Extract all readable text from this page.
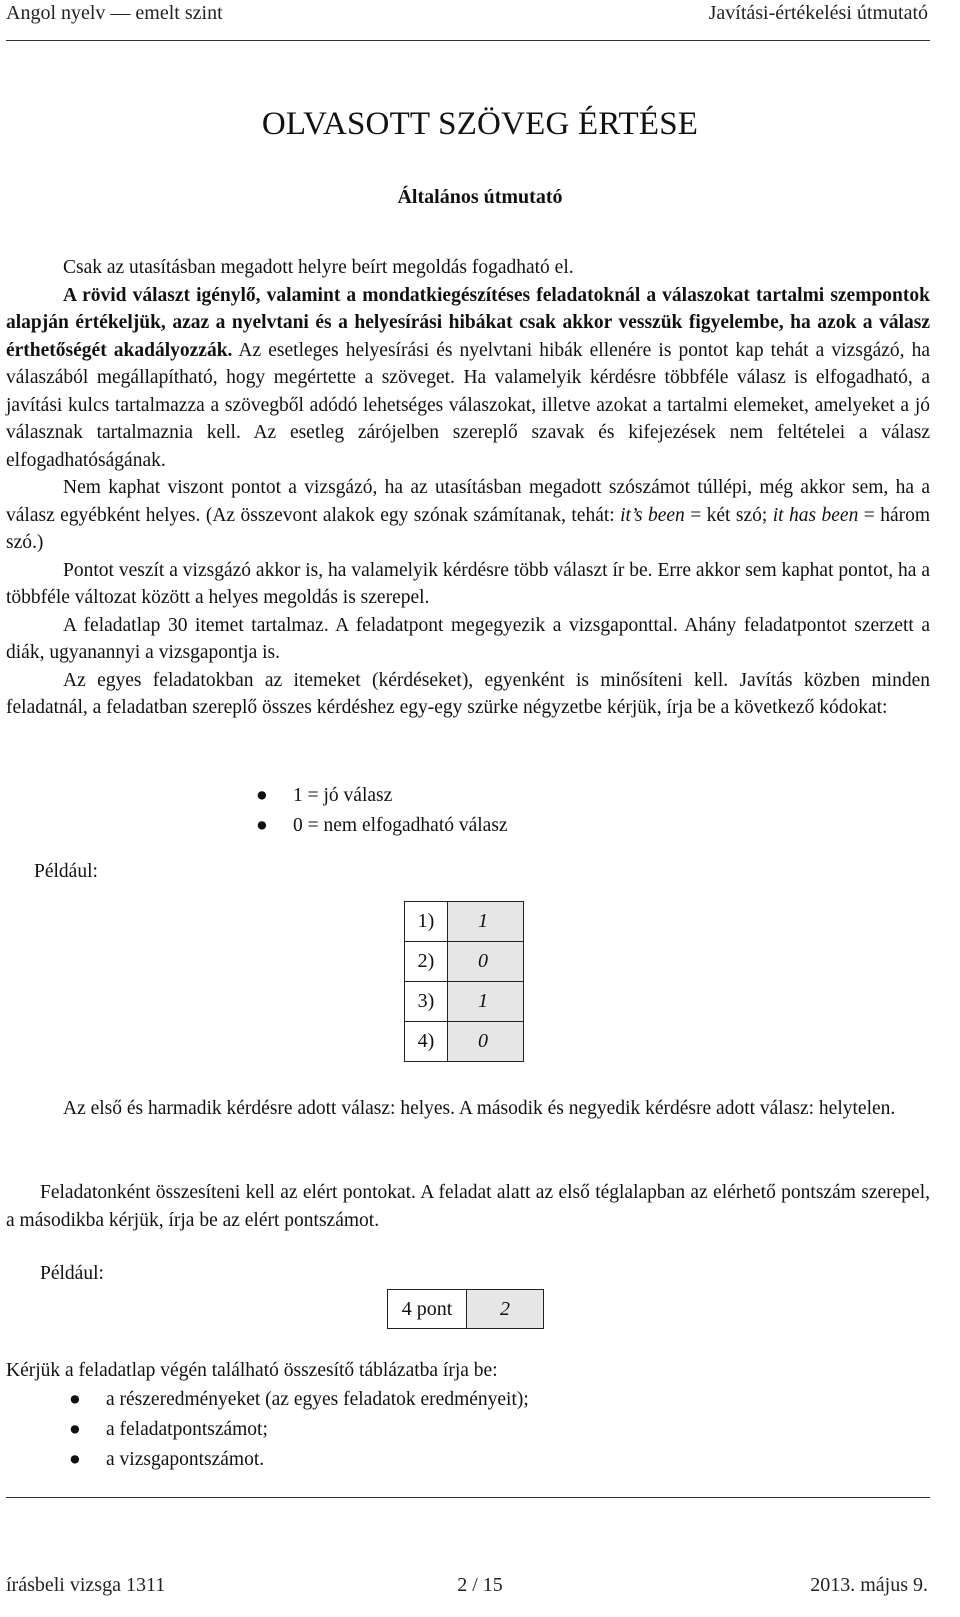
Angol nyelv — emelt szint	Javítási-értékelési útmutató
OLVASOTT SZÖVEG ÉRTÉSE
Általános útmutató

Csak az utasításban megadott helyre beírt megoldás fogadható el.

A rövid választ igénylő, valamint a mondatkiegészítéses feladatoknál a válaszokat tartalmi szempontok alapján értékeljük, azaz a nyelvtani és a helyesírási hibákat csak akkor vesszük figyelembe, ha azok a válasz érthetőségét akadályozzák. Az esetleges helyesírási és nyelvtani hibák ellenére is pontot kap tehát a vizsgázó, ha válaszából megállapítható, hogy megértette a szöveget. Ha valamelyik kérdésre többféle válasz is elfogadható, a javítási kulcs tartalmazza a szövegből adódó lehetséges válaszokat, illetve azokat a tartalmi elemeket, amelyeket a jó válasznak tartalmaznia kell. Az esetleg zárójelben szereplő szavak és kifejezések nem feltételei a válasz elfogadhatóságának.

Nem kaphat viszont pontot a vizsgázó, ha az utasításban megadott szószámot túllépi, még akkor sem, ha a válasz egyébként helyes. (Az összevont alakok egy szónak számítanak, tehát: it’s been = két szó; it has been = három szó.)

Pontot veszít a vizsgázó akkor is, ha valamelyik kérdésre több választ ír be. Erre akkor sem kaphat pontot, ha a többféle változat között a helyes megoldás is szerepel.

A feladatlap 30 itemet tartalmaz. A feladatpont megegyezik a vizsgaponttal. Ahány feladatpontot szerzett a diák, ugyanannyi a vizsgapontja is.

Az egyes feladatokban az itemeket (kérdéseket), egyenként is minősíteni kell. Javítás közben minden feladatnál, a feladatban szereplő összes kérdéshez egy-egy szürke négyzetbe kérjük, írja be a következő kódokat:

● 1 = jó válasz
● 0 = nem elfogadható válasz
Például:
1)	1
2)	0
3)	1
4)	0

Az első és harmadik kérdésre adott válasz: helyes. A második és negyedik kérdésre adott válasz: helytelen.

Feladatonként összesíteni kell az elért pontokat. A feladat alatt az első téglalapban az elérhető pontszám szerepel, a másodikba kérjük, írja be az elért pontszámot.

Például:
4 pont	2
Kérjük a feladatlap végén található összesítő táblázatba írja be:
● a részeredményeket (az egyes feladatok eredményeit);
● a feladatpontszámot;
● a vizsgapontszámot.
írásbeli vizsga 1311	2 / 15	2013. május 9.
